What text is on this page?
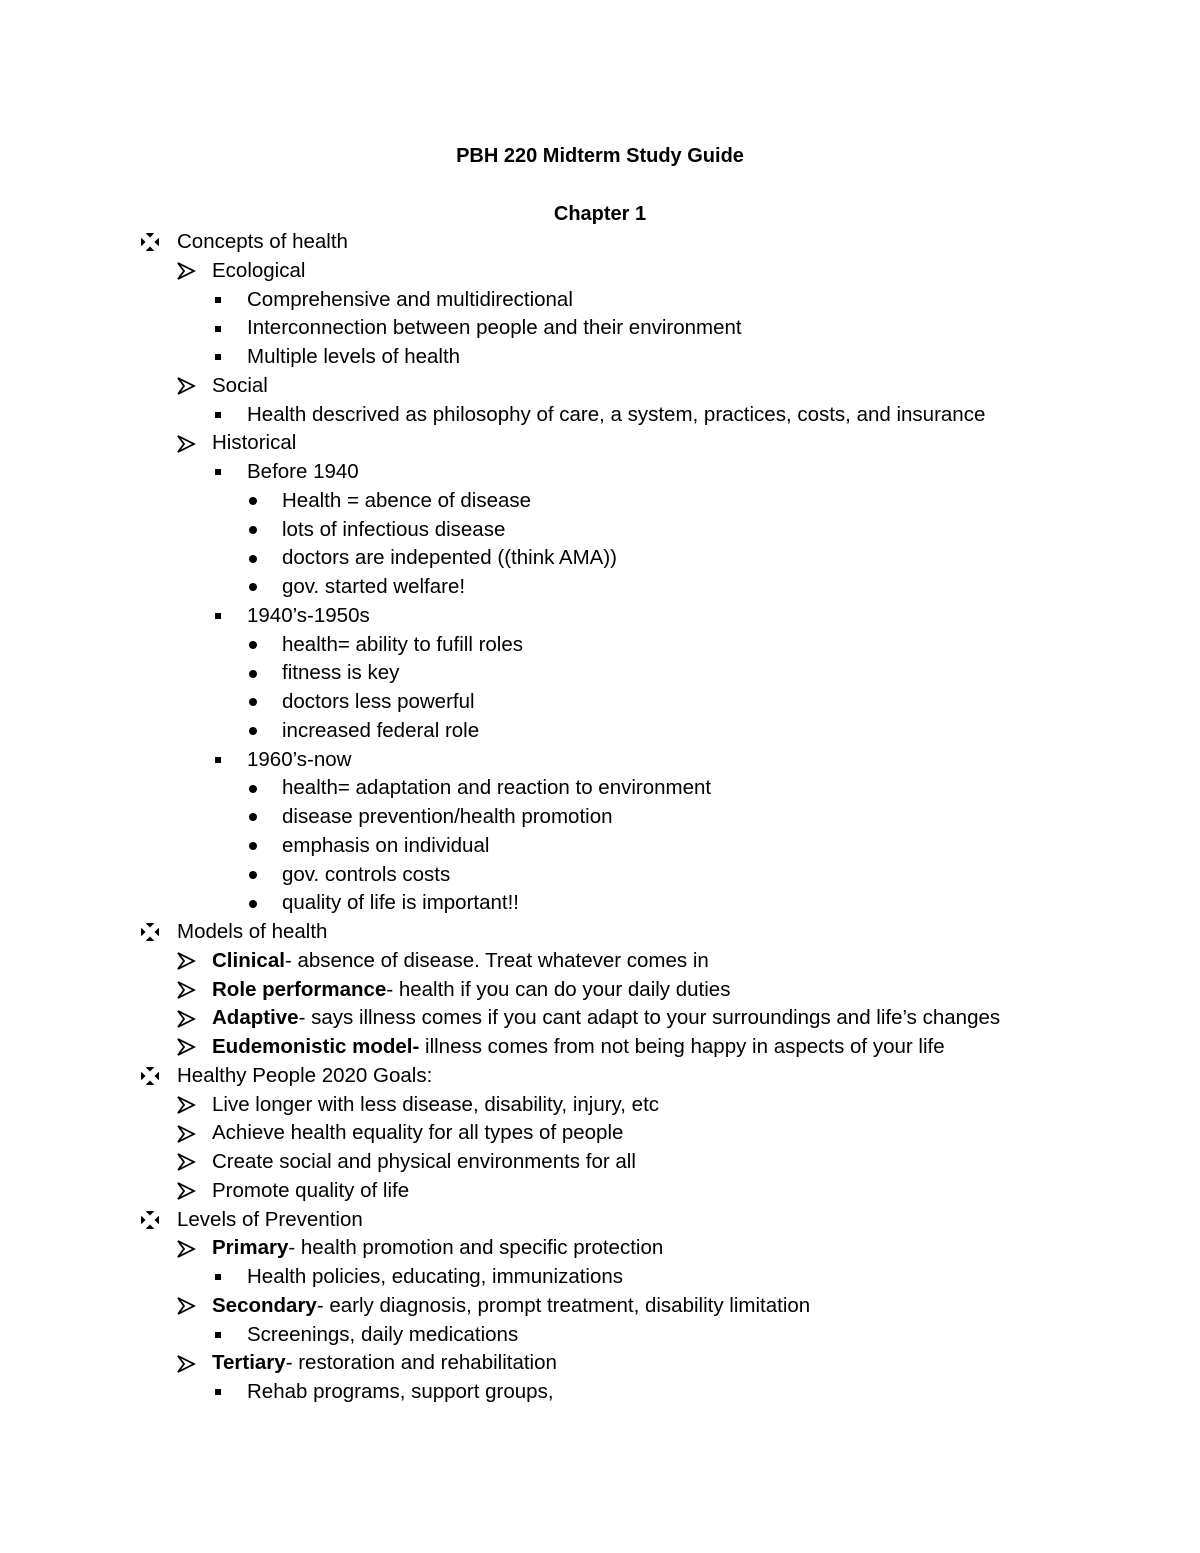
PBH 220 Midterm Study Guide
Chapter 1
Concepts of health
Ecological
Comprehensive and multidirectional
Interconnection between people and their environment
Multiple levels of health
Social
Health descrived as philosophy of care, a system, practices, costs, and insurance
Historical
Before 1940
Health = abence of disease
lots of infectious disease
doctors are indepented ((think AMA))
gov. started welfare!
1940’s-1950s
health= ability to fufill roles
fitness is key
doctors less powerful
increased federal role
1960’s-now
health= adaptation and reaction to environment
disease prevention/health promotion
emphasis on individual
gov. controls costs
quality of life is important!!
Models of health
Clinical- absence of disease. Treat whatever comes in
Role performance- health if you can do your daily duties
Adaptive- says illness comes if you cant adapt to your surroundings and life’s changes
Eudemonistic model- illness comes from not being happy in aspects of your life
Healthy People 2020 Goals:
Live longer with less disease, disability, injury, etc
Achieve health equality for all types of people
Create social and physical environments for all
Promote quality of life
Levels of Prevention
Primary- health promotion and specific protection
Health policies, educating, immunizations
Secondary- early diagnosis, prompt treatment, disability limitation
Screenings, daily medications
Tertiary- restoration and rehabilitation
Rehab programs, support groups,
